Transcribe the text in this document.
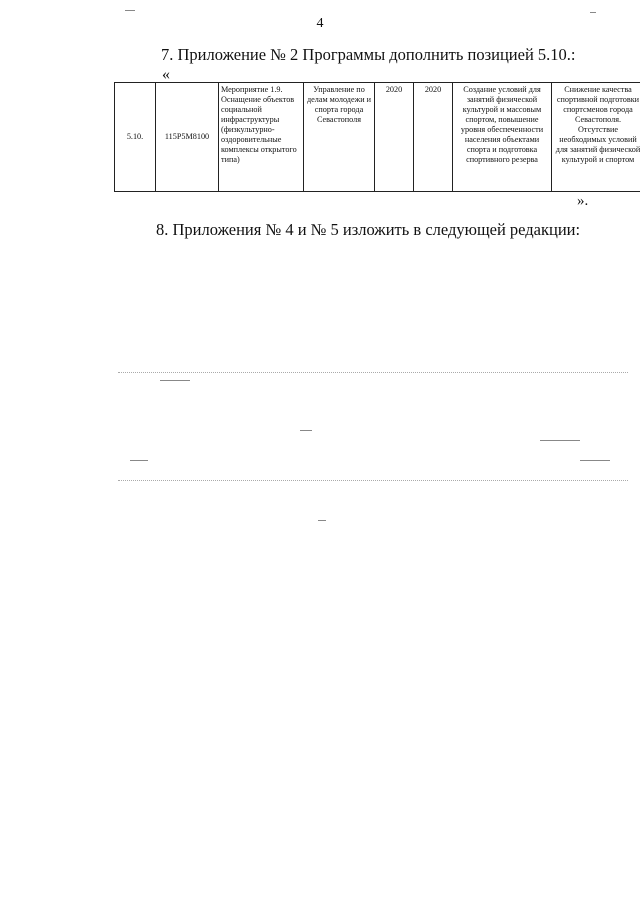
4
7. Приложение № 2 Программы дополнить позицией 5.10.:
«
5.10.	115P5M8100	Мероприятие 1.9. Оснащение объектов социальной инфраструктуры (физкультурно-оздоровительные комплексы открытого типа)	Управление по делам молодежи и спорта города Севастополя	2020	2020	Создание условий для занятий физической культурой и массовым спортом, повышение уровня обеспеченности населения объектами спорта и подготовка спортивного резерва	Снижение качества спортивной подготовки спортсменов города Севастополя. Отсутствие необходимых условий для занятий физической культурой и спортом
».
8. Приложения № 4 и № 5 изложить в следующей редакции:
